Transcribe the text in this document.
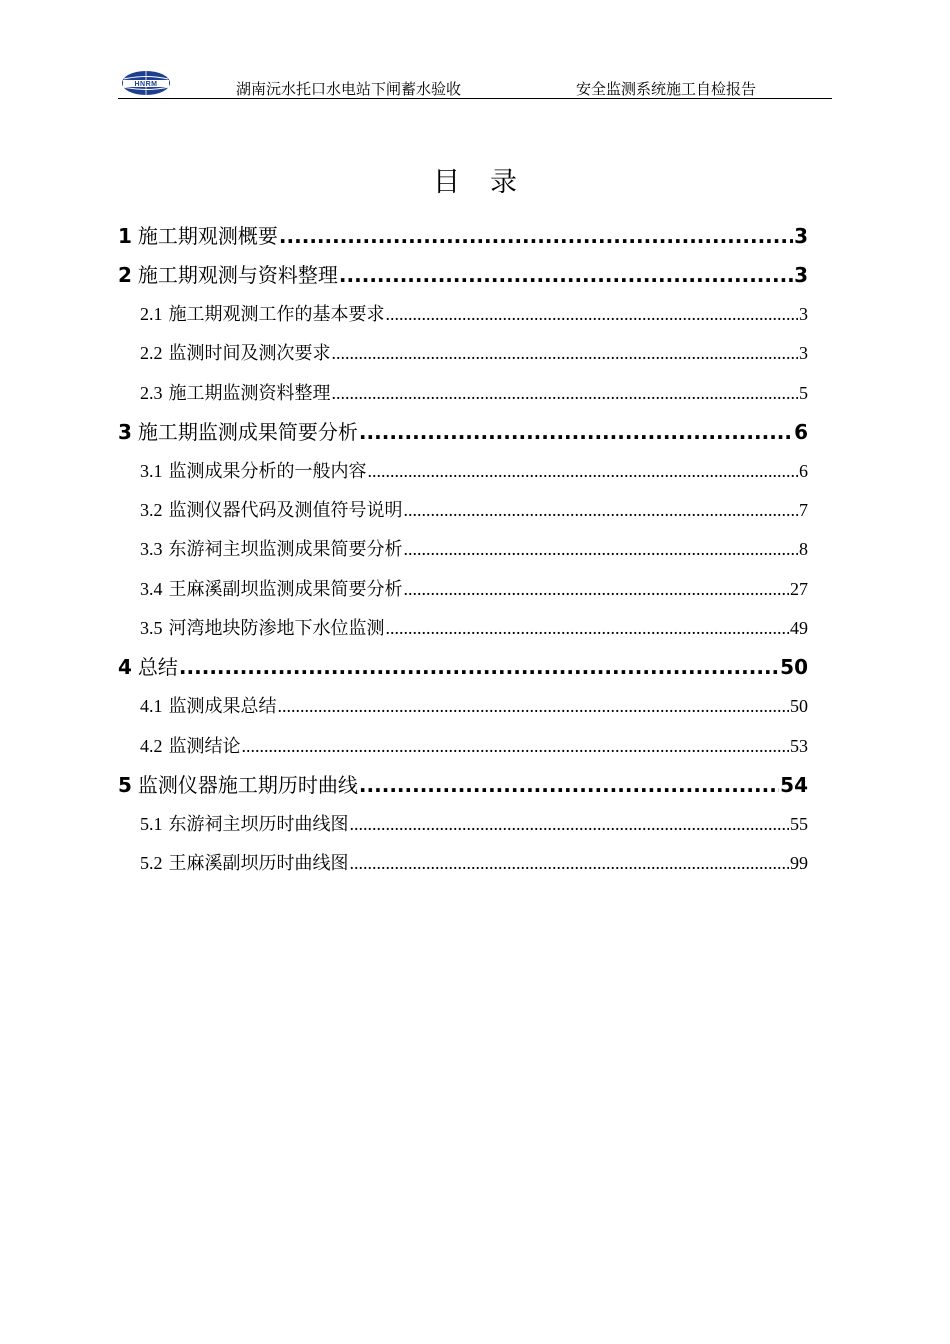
HNRM	湖南沅水托口水电站下闸蓄水验收	安全监测系统施工自检报告
目录
1 施工期观测概要 .....	3
2 施工期观测与资料整理 .....	3
2.1 施工期观测工作的基本要求 .....	3
2.2 监测时间及测次要求 .....	3
2.3 施工期监测资料整理 .....	5
3 施工期监测成果简要分析 .....	6
3.1 监测成果分析的一般内容 .....	6
3.2 监测仪器代码及测值符号说明 .....	7
3.3 东游祠主坝监测成果简要分析 .....	8
3.4 王麻溪副坝监测成果简要分析 .....	27
3.5 河湾地块防渗地下水位监测 .....	49
4 总结 .....	50
4.1 监测成果总结 .....	50
4.2 监测结论 .....	53
5 监测仪器施工期历时曲线 .....	54
5.1 东游祠主坝历时曲线图 .....	55
5.2 王麻溪副坝历时曲线图 .....	99
